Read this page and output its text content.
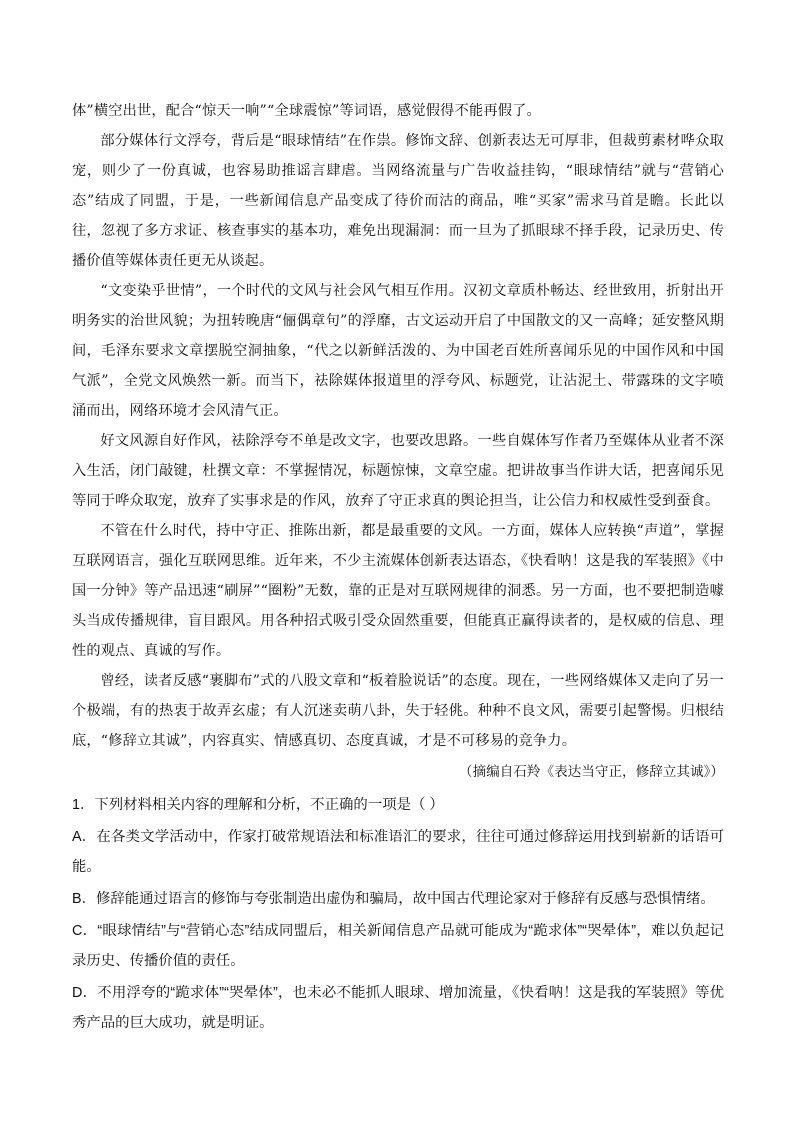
体”横空出世，配合“惊天一响”“全球震惊”等词语，感觉假得不能再假了。

部分媒体行文浮夸，背后是“眼球情结”在作祟。修饰文辞、创新表达无可厚非，但裁剪素材哗众取宠，则少了一份真诚，也容易助推谣言肆虐。当网络流量与广告收益挂钩，“眼球情结”就与“营销心态”结成了同盟，于是，一些新闻信息产品变成了待价而沽的商品，唯“买家”需求马首是瞻。长此以往，忽视了多方求证、核查事实的基本功，难免出现漏洞：而一旦为了抓眼球不择手段，记录历史、传播价值等媒体责任更无从谈起。

“文变染乎世情”，一个时代的文风与社会风气相互作用。汉初文章质朴畅达、经世致用，折射出开明务实的治世风貌；为扭转晚唐“俪偶章句”的浮靡，古文运动开启了中国散文的又一高峰；延安整风期间，毛泽东要求文章摆脱空洞抽象，“代之以新鲜活泼的、为中国老百姓所喜闻乐见的中国作风和中国气派”，全党文风焕然一新。而当下，祛除媒体报道里的浮夸风、标题党，让沾泥土、带露珠的文字喷涌而出，网络环境才会风清气正。

好文风源自好作风，祛除浮夸不单是改文字，也要改思路。一些自媒体写作者乃至媒体从业者不深入生活，闭门敲键，杜撰文章：不掌握情况，标题惊悚，文章空虚。把讲故事当作讲大话，把喜闻乐见等同于哗众取宠，放弃了实事求是的作风，放弃了守正求真的舆论担当，让公信力和权威性受到蚕食。

不管在什么时代，持中守正、推陈出新，都是最重要的文风。一方面，媒体人应转换“声道”，掌握互联网语言，强化互联网思维。近年来，不少主流媒体创新表达语态，《快看呐！这是我的军装照》《中国一分钟》等产品迅速“刷屏”“圈粉”无数，靠的正是对互联网规律的洞悉。另一方面，也不要把制造噱头当成传播规律，盲目跟风。用各种招式吸引受众固然重要，但能真正赢得读者的，是权威的信息、理性的观点、真诚的写作。

曾经，读者反感“裹脚布”式的八股文章和“板着脸说话”的态度。现在，一些网络媒体又走向了另一个极端，有的热衷于故弄玄虚；有人沉迷卖萌八卦，失于轻佻。种种不良文风，需要引起警惕。归根结底，“修辞立其诚”，内容真实、情感真切、态度真诚，才是不可移易的竞争力。

（摘编自石羚《表达当守正，修辞立其诚》）

1．下列材料相关内容的理解和分析，不正确的一项是（ ）

A．在各类文学活动中，作家打破常规语法和标准语汇的要求，往往可通过修辞运用找到崭新的话语可能。

B．修辞能通过语言的修饰与夸张制造出虚伪和骗局，故中国古代理论家对于修辞有反感与恐惧情绪。

C．“眼球情结”与“营销心态”结成同盟后，相关新闻信息产品就可能成为“跪求体”“哭晕体”，难以负起记录历史、传播价值的责任。

D．不用浮夸的“跪求体”“哭晕体”，也未必不能抓人眼球、增加流量，《快看呐！这是我的军装照》等优秀产品的巨大成功，就是明证。
